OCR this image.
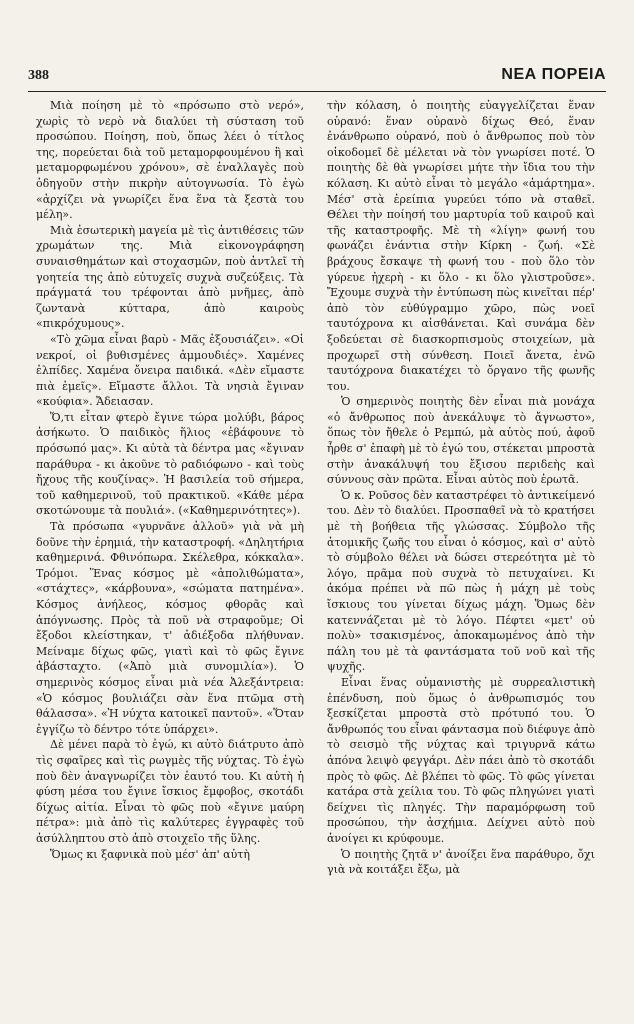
388	ΝΕΑ ΠΟΡΕΙΑ

Μιὰ ποίηση μὲ τὸ «πρόσωπο στὸ νερό», χωρὶς τὸ νερὸ νὰ διαλύει τὴ σύσταση τοῦ προσώπου. Ποίηση, ποὺ, ὅπως λέει ὁ τίτλος της, πορεύεται διὰ τοῦ μεταμορφουμένου ἢ καὶ μεταμορφωμένου χρόνου», σὲ ἐναλλαγὲς ποὺ ὁδηγοῦν στὴν πικρὴν αὐτογνωσία. Τὸ ἐγὼ «ἀρχίζει νὰ γνωρίζει ἕνα ἕνα τὰ ξεστὰ του μέλη».

Μιὰ ἐσωτερικὴ μαγεία μὲ τὶς ἀντιθέσεις τῶν χρωμάτων της. Μιὰ εἰκονογράφηση συναισθημάτων καὶ στοχασμῶν, ποὺ ἀντλεῖ τὴ γοητεία της ἀπὸ εὐτυχεῖς συχνὰ συζεύξεις. Τὰ πράγματά του τρέφονται ἀπὸ μνῆμες, ἀπὸ ζωντανὰ κύτταρα, ἀπὸ καιροὺς «πικρόχυμους».

«Τὸ χῶμα εἶναι βαρὺ - Μᾶς ἐξουσιάζει». «Οἱ νεκροί, οἱ βυθισμένες ἀμμουδιές». Χαμένες ἐλπίδες. Χαμένα ὄνειρα παιδικά. «Δὲν εἴμαστε πιὰ ἐμεῖς». Εἴμαστε ἄλλοι. Τὰ νησιὰ ἔγιναν «κούφια». Ἄδειασαν.

Ὅ,τι εἶταν φτερὸ ἔγινε τώρα μολύβι, βάρος ἀσήκωτο. Ὁ παιδικὸς ἥλιος «ἐβάφουνε τὸ πρόσωπό μας». Κι αὐτὰ τὰ δέντρα μας «ἔγιναν παράθυρα - κι ἀκοῦνε τὸ ραδιόφωνο - καὶ τοὺς ἤχους τῆς κουζίνας». Ἡ βασιλεία τοῦ σήμερα, τοῦ καθημερινοῦ, τοῦ πρακτικοῦ. «Κάθε μέρα σκοτώνουμε τὰ πουλιά». («Καθημερινότητες»).

Τὰ πρόσωπα «γυρνᾶνε ἀλλοῦ» γιὰ νὰ μὴ δοῦνε τὴν ἐρημιά, τὴν καταστροφή. «Δηλητήρια καθημερινά. Φθινόπωρα. Σκέλεθρα, κόκκαλα». Τρόμοι. Ἕνας κόσμος μὲ «ἀπολιθώματα», «στάχτες», «κάρβουνα», «σώματα πατημένα». Κόσμος ἀνήλεος, κόσμος φθορᾶς καὶ ἀπόγνωσης. Πρὸς τὰ ποῦ νὰ στραφοῦμε; Οἱ ἔξοδοι κλείστηκαν, τ' ἀδιέξοδα πλήθυναν. Μείναμε δίχως φῶς, γιατὶ καὶ τὸ φῶς ἔγινε ἀβάσταχτο. («Ἀπὸ μιὰ συνομιλία»). Ὁ σημερινὸς κόσμος εἶναι μιὰ νέα Ἀλεξάντρεια: «Ὁ κόσμος βουλιάζει σὰν ἕνα πτῶμα στὴ θάλασσα». «Ἡ νύχτα κατοικεῖ παντοῦ». «Ὅταν ἐγγίζω τὸ δέντρο τότε ὑπάρχει».

Δὲ μένει παρὰ τὸ ἐγώ, κι αὐτὸ διάτρυτο ἀπὸ τὶς σφαῖρες καὶ τὶς ρωγμὲς τῆς νύχτας. Τὸ ἐγὼ ποὺ δὲν ἀναγνωρίζει τὸν ἑαυτό του. Κι αὐτὴ ἡ φύση μέσα του ἔγινε ἴσκιος ἔμφοβος, σκοτάδι δίχως αἰτία. Εἶναι τὸ φῶς ποὺ «ἔγινε μαύρη πέτρα»: μιὰ ἀπὸ τὶς καλύτερες ἐγγραφὲς τοῦ ἀσύλληπτου στὸ ἀπὸ στοιχεῖο τῆς ὕλης.

Ὅμως κι ξαφνικὰ ποὺ μέσ' ἀπ' αὐτὴ

τὴν κόλαση, ὁ ποιητὴς εὐαγγελίζεται ἕναν οὐρανό: ἕναν οὐρανὸ δίχως Θεό, ἕναν ἐνάνθρωπο οὐρανό, ποὺ ὁ ἄνθρωπος ποὺ τὸν οἰκοδομεῖ δὲ μέλεται νὰ τὸν γνωρίσει ποτέ. Ὁ ποιητὴς δὲ θὰ γνωρίσει μήτε τὴν ἴδια του τὴν κόλαση. Κι αὐτὸ εἶναι τὸ μεγάλο «ἁμάρτημα». Μέσ' στὰ ἐρείπια γυρεύει τόπο νὰ σταθεῖ. Θέλει τὴν ποίησή του μαρτυρία τοῦ καιροῦ καὶ τῆς καταστροφῆς. Μὲ τὴ «λίγη» φωνή του φωνάζει ἐνάντια στὴν Κίρκη - ζωή. «Σὲ βράχους ἔσκαψε τὴ φωνή του - ποὺ ὅλο τὸν γύρευε ἠχερὴ - κι ὅλο - κι ὅλο γλιστροῦσε». Ἔχουμε συχνὰ τὴν ἐντύπωση πὼς κινεῖται πέρ' ἀπὸ τὸν εὐθύγραμμο χῶρο, πὼς νοεῖ ταυτόχρονα κι αἰσθάνεται. Καὶ συνάμα δὲν ξοδεύεται σὲ διασκορπισμοὺς στοιχείων, μὰ προχωρεῖ στὴ σύνθεση. Ποιεῖ ἄνετα, ἐνῶ ταυτόχρονα διακατέχει τὸ ὄργανο τῆς φωνῆς του.

Ὁ σημερινὸς ποιητὴς δὲν εἶναι πιὰ μονάχα «ὁ ἄνθρωπος ποὺ ἀνεκάλυψε τὸ ἄγνωστο», ὅπως τὸν ἤθελε ὁ Ρεμπώ, μὰ αὐτὸς πού, ἀφοῦ ἦρθε σ' ἐπαφὴ μὲ τὸ ἐγώ του, στέκεται μπροστὰ στὴν ἀνακάλυψή του ἔξισου περιδεὴς καὶ σύννους σὰν πρῶτα. Εἶναι αὐτὸς ποὺ ἐρωτᾶ.

Ὁ κ. Ροῦσος δὲν καταστρέφει τὸ ἀντικείμενό του. Δὲν τὸ διαλύει. Προσπαθεῖ νὰ τὸ κρατήσει μὲ τὴ βοήθεια τῆς γλώσσας. Σύμβολο τῆς ἀτομικῆς ζωῆς του εἶναι ὁ κόσμος, καὶ σ' αὐτὸ τὸ σύμβολο θέλει νὰ δώσει στερεότητα μὲ τὸ λόγο, πρᾶμα ποὺ συχνὰ τὸ πετυχαίνει. Κι ἀκόμα πρέπει νὰ πῶ πὼς ἡ μάχη μὲ τοὺς ἴσκιους του γίνεται δίχως μάχη. Ὅμως δὲν κατεννάζεται μὲ τὸ λόγο. Πέφτει «μετ' οὐ πολὺ» τσακισμένος, ἀποκαμωμένος ἀπὸ τὴν πάλη του μὲ τὰ φαντάσματα τοῦ νοῦ καὶ τῆς ψυχῆς.

Εἶναι ἕνας οὐμανιστὴς μὲ συρρεαλιστικὴ ἐπένδυση, ποὺ ὅμως ὁ ἀνθρωπισμός του ξεσκίζεται μπροστὰ στὸ πρότυπό του. Ὁ ἄνθρωπός του εἶναι φάντασμα ποὺ διέφυγε ἀπὸ τὸ σεισμὸ τῆς νύχτας καὶ τριγυρνᾶ κάτω ἀπόνα λειψὸ φεγγάρι. Δὲν πάει ἀπὸ τὸ σκοτάδι πρὸς τὸ φῶς. Δὲ βλέπει τὸ φῶς. Τὸ φῶς γίνεται κατάρα στὰ χείλια του. Τὸ φῶς πληγώνει γιατὶ δείχνει τὶς πληγές. Τὴν παραμόρφωση τοῦ προσώπου, τὴν ἀσχήμια. Δείχνει αὐτὸ ποὺ ἀνοίγει κι κρύφουμε.

Ὁ ποιητὴς ζητᾶ ν' ἀνοίξει ἕνα παράθυρο, ὄχι γιὰ νὰ κοιτάξει ἔξω, μὰ
